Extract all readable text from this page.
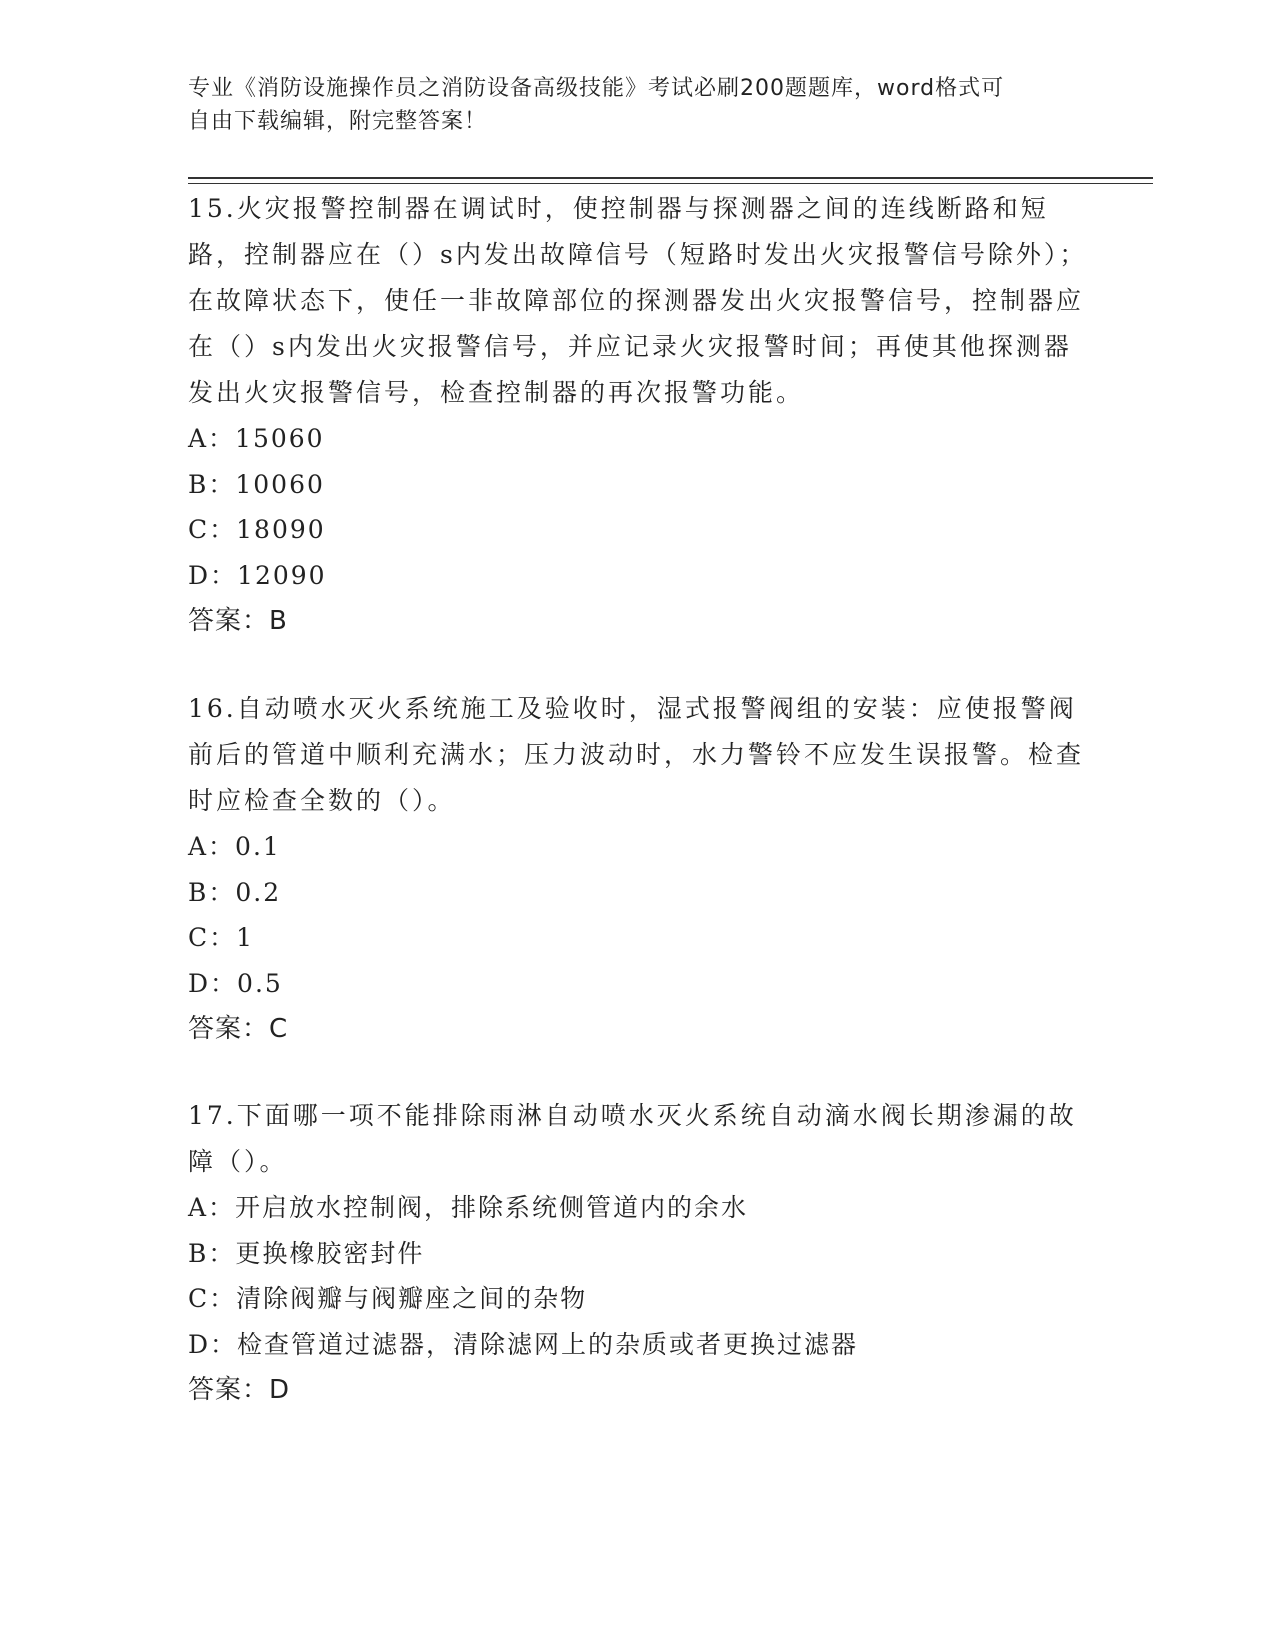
专业《消防设施操作员之消防设备高级技能》考试必刷200题题库，word格式可
自由下载编辑，附完整答案！

15.火灾报警控制器在调试时，使控制器与探测器之间的连线断路和短路，控制器应在（）s内发出故障信号（短路时发出火灾报警信号除外）；在故障状态下，使任一非故障部位的探测器发出火灾报警信号，控制器应在（）s内发出火灾报警信号，并应记录火灾报警时间；再使其他探测器发出火灾报警信号，检查控制器的再次报警功能。

A：15060

B：10060

C：18090

D：12090

答案：B

16.自动喷水灭火系统施工及验收时，湿式报警阀组的安装：应使报警阀前后的管道中顺利充满水；压力波动时，水力警铃不应发生误报警。检查时应检查全数的（）。

A：0.1

B：0.2

C：1

D：0.5

答案：C

17.下面哪一项不能排除雨淋自动喷水灭火系统自动滴水阀长期渗漏的故障（）。

A：开启放水控制阀，排除系统侧管道内的余水

B：更换橡胶密封件

C：清除阀瓣与阀瓣座之间的杂物

D：检查管道过滤器，清除滤网上的杂质或者更换过滤器

答案：D
